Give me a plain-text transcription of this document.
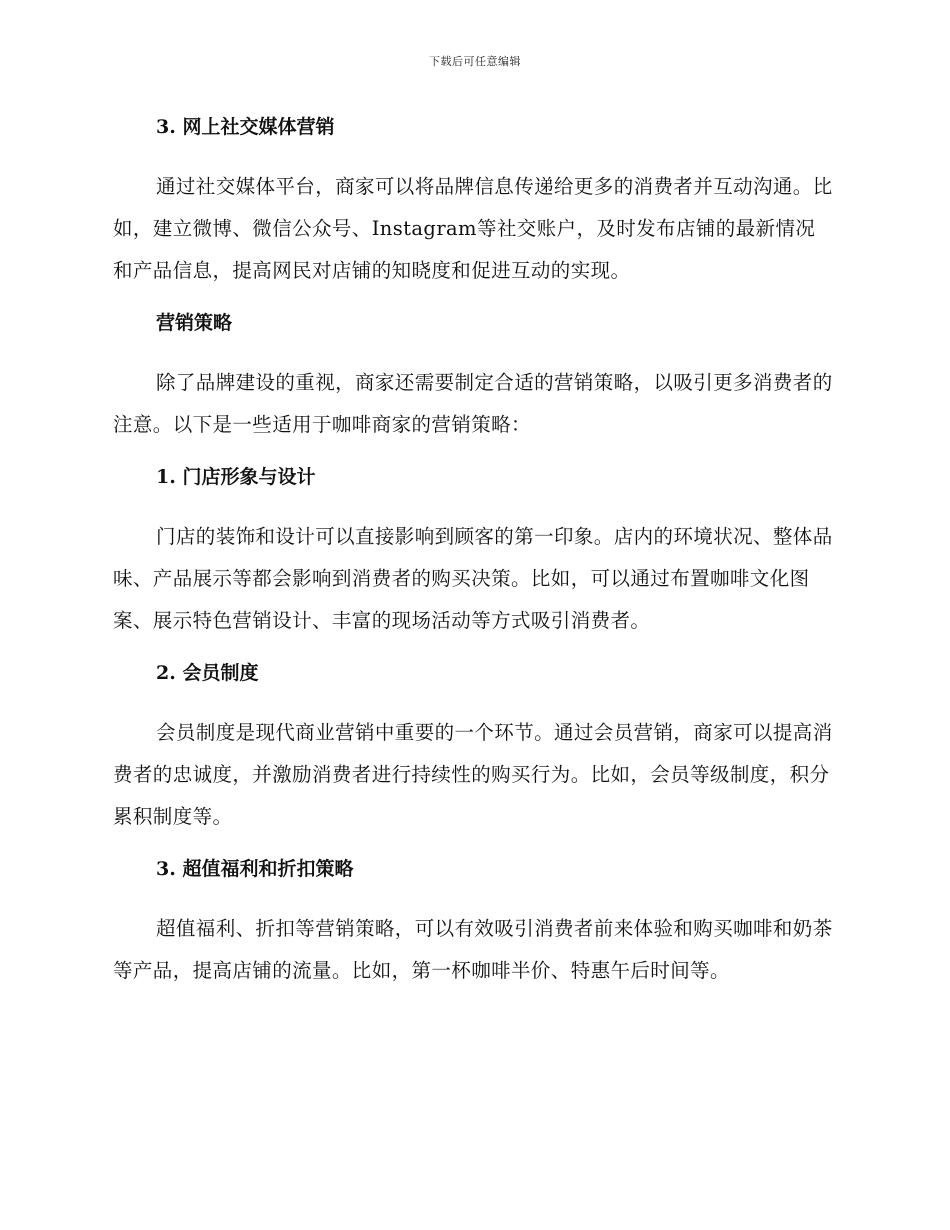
下载后可任意编辑
3. 网上社交媒体营销

通过社交媒体平台，商家可以将品牌信息传递给更多的消费者并互动沟通。比如，建立微博、微信公众号、Instagram等社交账户，及时发布店铺的最新情况和产品信息，提高网民对店铺的知晓度和促进互动的实现。

营销策略

除了品牌建设的重视，商家还需要制定合适的营销策略，以吸引更多消费者的注意。以下是一些适用于咖啡商家的营销策略：

1. 门店形象与设计

门店的装饰和设计可以直接影响到顾客的第一印象。店内的环境状况、整体品味、产品展示等都会影响到消费者的购买决策。比如，可以通过布置咖啡文化图案、展示特色营销设计、丰富的现场活动等方式吸引消费者。

2. 会员制度

会员制度是现代商业营销中重要的一个环节。通过会员营销，商家可以提高消费者的忠诚度，并激励消费者进行持续性的购买行为。比如，会员等级制度，积分累积制度等。

3. 超值福利和折扣策略

超值福利、折扣等营销策略，可以有效吸引消费者前来体验和购买咖啡和奶茶等产品，提高店铺的流量。比如，第一杯咖啡半价、特惠午后时间等。
